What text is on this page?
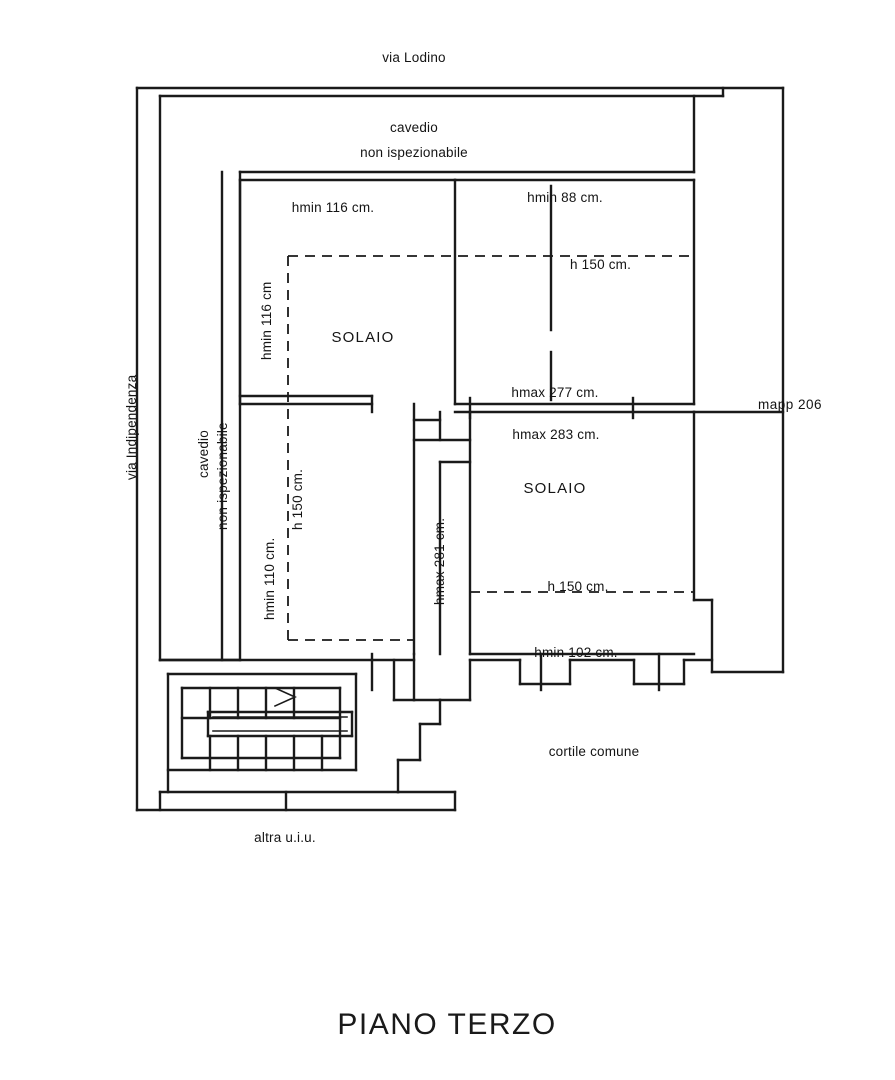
via Lodino
via Indipendenza
cavedio
non ispezionabile
cavedio non ispezionabile
hmin 116 cm.
hmin 88 cm.
h 150 cm.
hmin 116 cm
h 150 cm.
hmin 110 cm.	hmax 281 cm.
SOLAIO
SOLAIO
hmax 277 cm.
hmax 283 cm.
h 150 cm.
hmin 102 cm.
cortile comune
altra u.i.u.
mapp 206
PIANO TERZO
